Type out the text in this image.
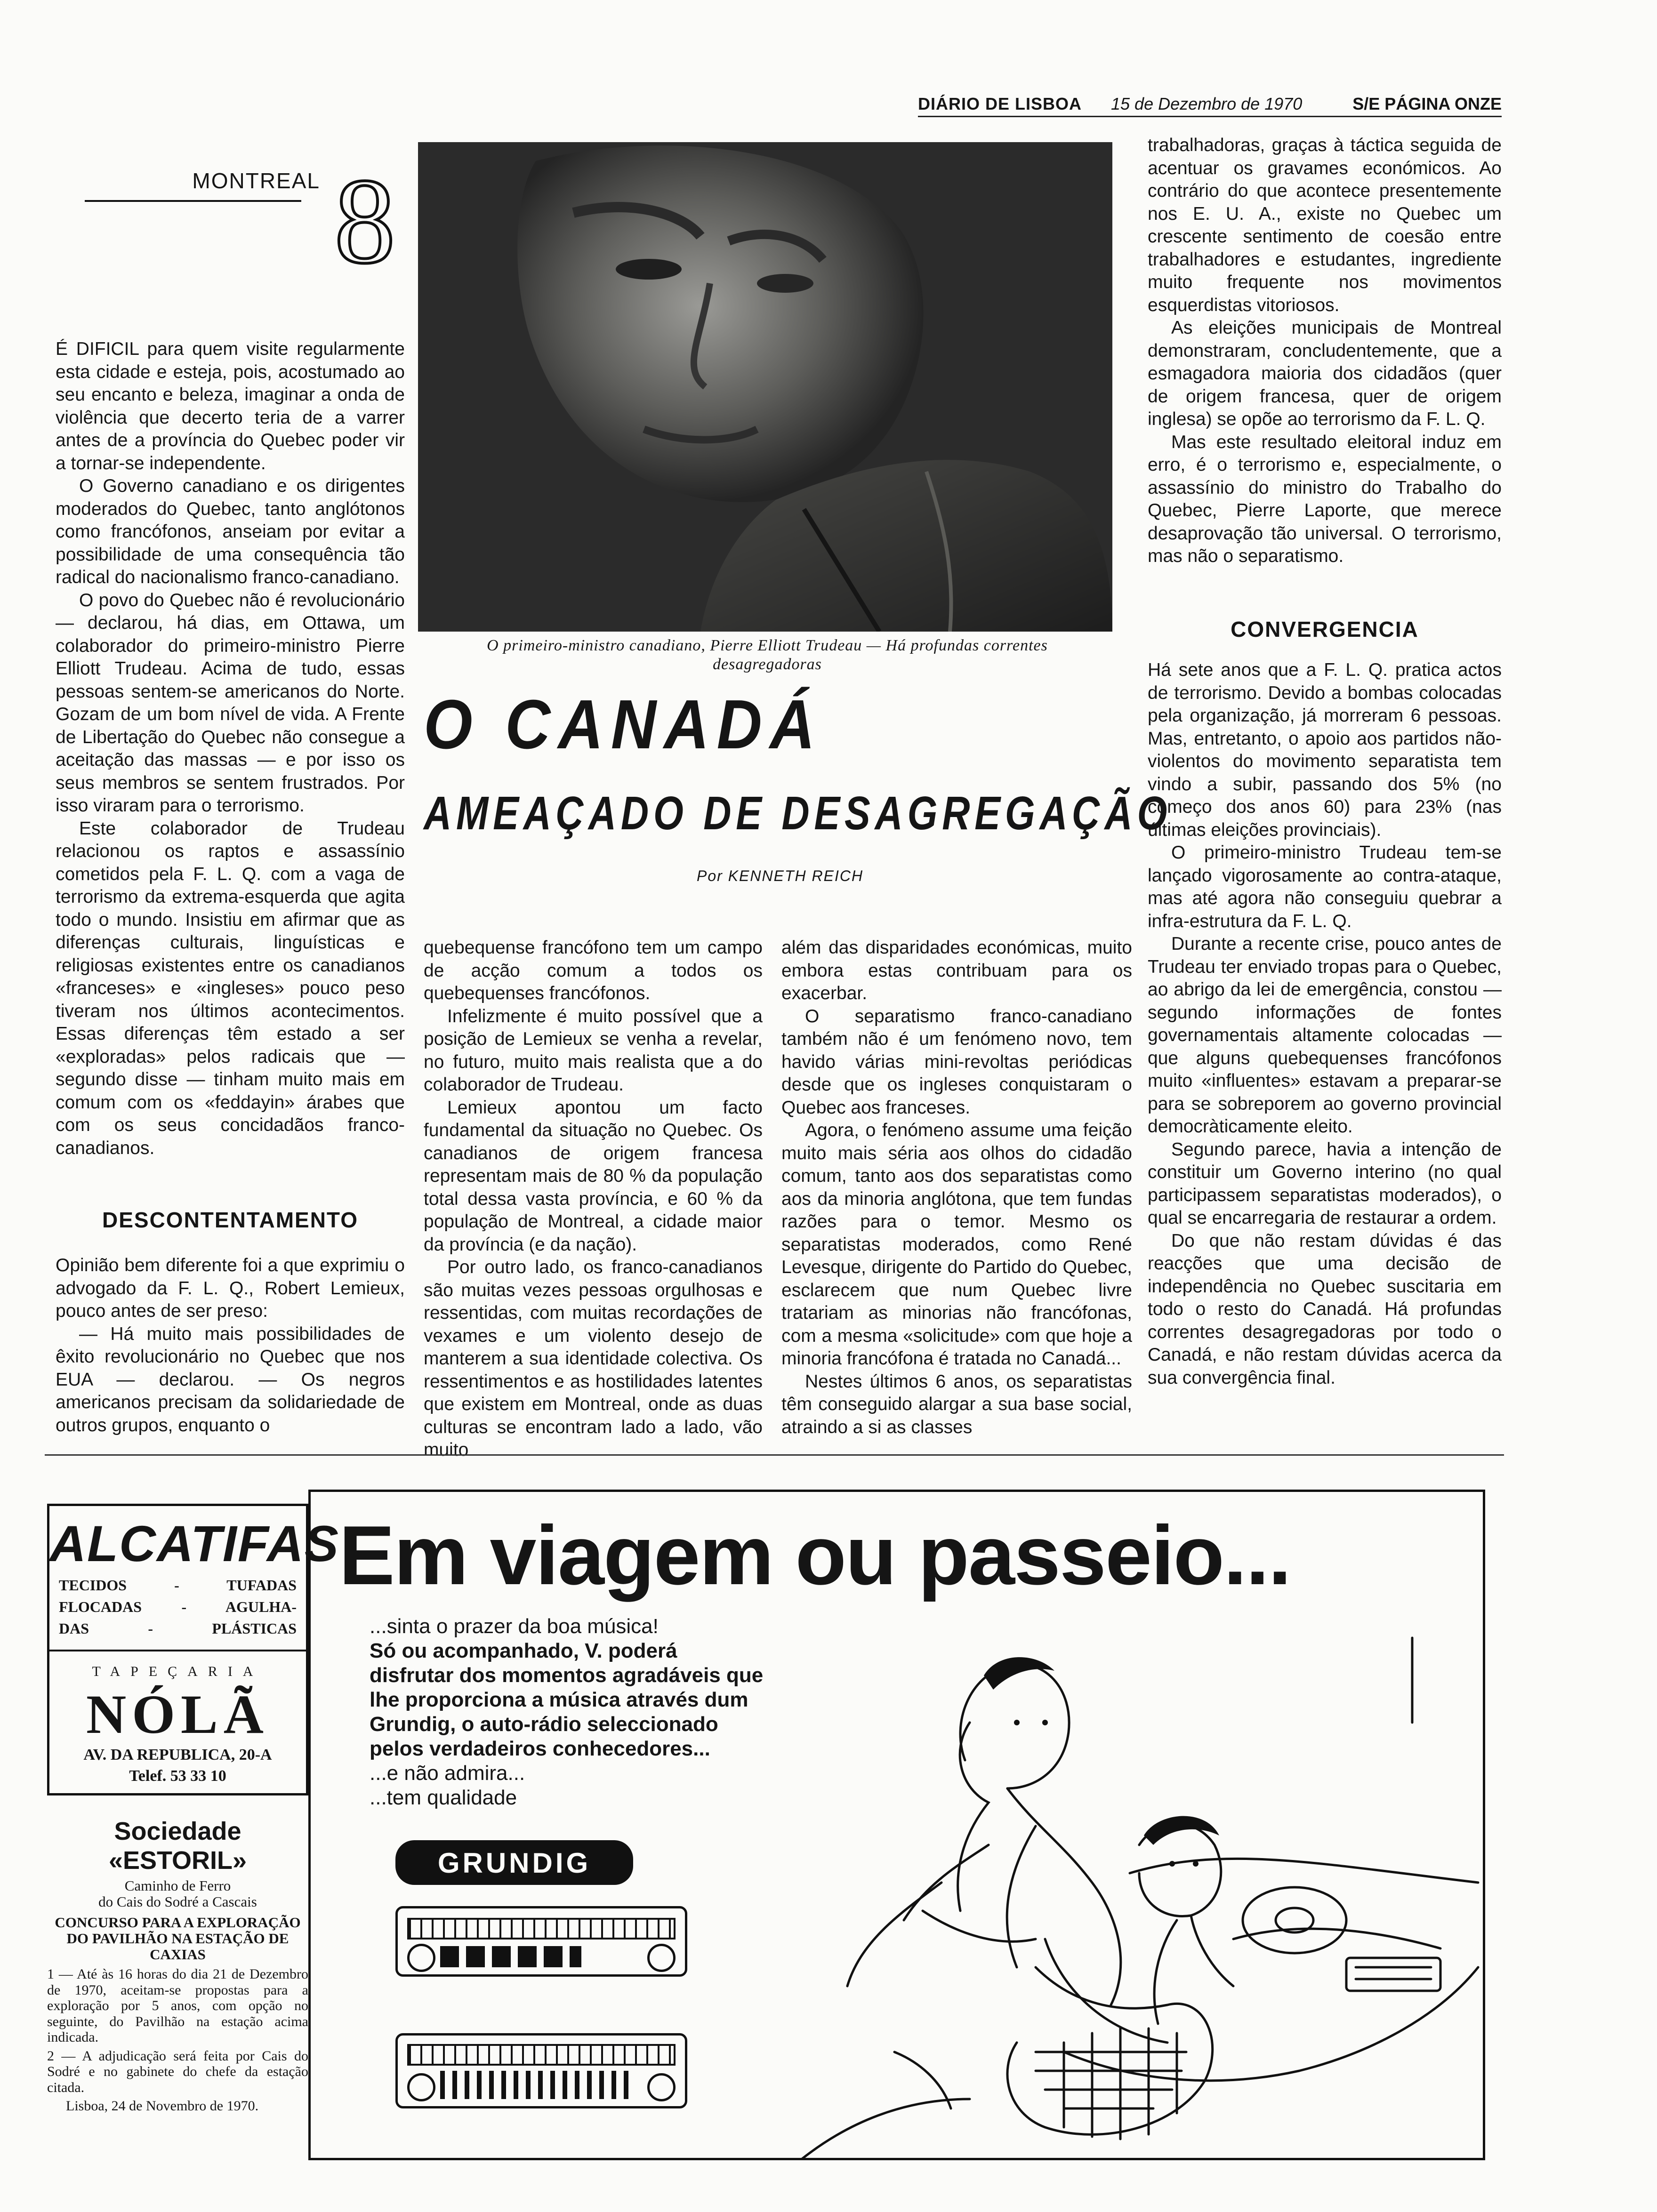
DIÁRIO DE LISBOA 15 de Dezembro de 1970	S/E PÁGINA ONZE
MONTREAL 8
O primeiro-ministro canadiano, Pierre Elliott Trudeau — Há profundas correntes desagregadoras
O CANADÁ
AMEAÇADO DE DESAGREGAÇÃO
Por KENNETH REICH

É DIFICIL para quem visite regularmente esta cidade e esteja, pois, acostumado ao seu encanto e beleza, imaginar a onda de violência que decerto teria de a varrer antes de a província do Quebec poder vir a tornar-se independente.

O Governo canadiano e os dirigentes moderados do Quebec, tanto anglótonos como francófonos, anseiam por evitar a possibilidade de uma consequência tão radical do nacionalismo franco-canadiano.

O povo do Quebec não é revolucionário — declarou, há dias, em Ottawa, um colaborador do primeiro-ministro Pierre Elliott Trudeau. Acima de tudo, essas pessoas sentem-se americanos do Norte. Gozam de um bom nível de vida. A Frente de Libertação do Quebec não consegue a aceitação das massas — e por isso os seus membros se sentem frustrados. Por isso viraram para o terrorismo.

Este colaborador de Trudeau relacionou os raptos e assassínio cometidos pela F. L. Q. com a vaga de terrorismo da extrema-esquerda que agita todo o mundo. Insistiu em afirmar que as diferenças culturais, linguísticas e religiosas existentes entre os canadianos «franceses» e «ingleses» pouco peso tiveram nos últimos acontecimentos. Essas diferenças têm estado a ser «exploradas» pelos radicais que — segundo disse — tinham muito mais em comum com os «feddayin» árabes que com os seus concidadãos franco-canadianos.

DESCONTENTAMENTO

Opinião bem diferente foi a que exprimiu o advogado da F. L. Q., Robert Lemieux, pouco antes de ser preso:

— Há muito mais possibilidades de êxito revolucionário no Quebec que nos EUA — declarou. — Os negros americanos precisam da solidariedade de outros grupos, enquanto o

quebequense francófono tem um campo de acção comum a todos os quebequenses francófonos.

Infelizmente é muito possível que a posição de Lemieux se venha a revelar, no futuro, muito mais realista que a do colaborador de Trudeau.

Lemieux apontou um facto fundamental da situação no Quebec. Os canadianos de origem francesa representam mais de 80 % da população total dessa vasta província, e 60 % da população de Montreal, a cidade maior da província (e da nação).

Por outro lado, os franco-canadianos são muitas vezes pessoas orgulhosas e ressentidas, com muitas recordações de vexames e um violento desejo de manterem a sua identidade colectiva. Os ressentimentos e as hostilidades latentes que existem em Montreal, onde as duas culturas se encontram lado a lado, vão muito

além das disparidades económicas, muito embora estas contribuam para os exacerbar.

O separatismo franco-canadiano também não é um fenómeno novo, tem havido várias mini-revoltas periódicas desde que os ingleses conquistaram o Quebec aos franceses.

Agora, o fenómeno assume uma feição muito mais séria aos olhos do cidadão comum, tanto aos dos separatistas como aos da minoria anglótona, que tem fundas razões para o temor. Mesmo os separatistas moderados, como René Levesque, dirigente do Partido do Quebec, esclarecem que num Quebec livre tratariam as minorias não francófonas, com a mesma «solicitude» com que hoje a minoria francófona é tratada no Canadá...

Nestes últimos 6 anos, os separatistas têm conseguido alargar a sua base social, atraindo a si as classes

trabalhadoras, graças à táctica seguida de acentuar os gravames económicos. Ao contrário do que acontece presentemente nos E. U. A., existe no Quebec um crescente sentimento de coesão entre trabalhadores e estudantes, ingrediente muito frequente nos movimentos esquerdistas vitoriosos.

As eleições municipais de Montreal demonstraram, concludentemente, que a esmagadora maioria dos cidadãos (quer de origem francesa, quer de origem inglesa) se opõe ao terrorismo da F. L. Q.

Mas este resultado eleitoral induz em erro, é o terrorismo e, especialmente, o assassínio do ministro do Trabalho do Quebec, Pierre Laporte, que merece desaprovação tão universal. O terrorismo, mas não o separatismo.

CONVERGENCIA

Há sete anos que a F. L. Q. pratica actos de terrorismo. Devido a bombas colocadas pela organização, já morreram 6 pessoas. Mas, entretanto, o apoio aos partidos não-violentos do movimento separatista tem vindo a subir, passando dos 5% (no começo dos anos 60) para 23% (nas últimas eleições provinciais).

O primeiro-ministro Trudeau tem-se lançado vigorosamente ao contra-ataque, mas até agora não conseguiu quebrar a infra-estrutura da F. L. Q.

Durante a recente crise, pouco antes de Trudeau ter enviado tropas para o Quebec, ao abrigo da lei de emergência, constou — segundo informações de fontes governamentais altamente colocadas — que alguns quebequenses francófonos muito «influentes» estavam a preparar-se para se sobreporem ao governo provincial democràticamente eleito.

Segundo parece, havia a intenção de constituir um Governo interino (no qual participassem separatistas moderados), o qual se encarregaria de restaurar a ordem.

Do que não restam dúvidas é das reacções que uma decisão de independência no Quebec suscitaria em todo o resto do Canadá. Há profundas correntes desagregadoras por todo o Canadá, e não restam dúvidas acerca da sua convergência final.

ALCATIFAS
TECIDOS - TUFADAS
FLOCADAS - AGULHA-
DAS - PLÁSTICAS
TAPEÇARIA
NÓLÃ
AV. DA REPUBLICA, 20-A
Telef. 53 33 10
Sociedade
«ESTORIL»
Caminho de Ferro
do Cais do Sodré a Cascais
CONCURSO PARA A EXPLORAÇÃO DO PAVILHÃO NA ESTAÇÃO DE CAXIAS
1 — Até às 16 horas do dia 21 de Dezembro de 1970, aceitam-se propostas para a exploração por 5 anos, com opção no seguinte, do Pavilhão na estação acima indicada.
2 — A adjudicação será feita por Cais do Sodré e no gabinete do chefe da estação citada.
Lisboa, 24 de Novembro de 1970.
Em viagem ou passeio...
...sinta o prazer da boa música!
Só ou acompanhado, V. poderá
disfrutar dos momentos agradáveis que
lhe proporciona a música através dum
Grundig, o auto-rádio seleccionado
pelos verdadeiros conhecedores...
...e não admira...
...tem qualidade
GRUNDIG
